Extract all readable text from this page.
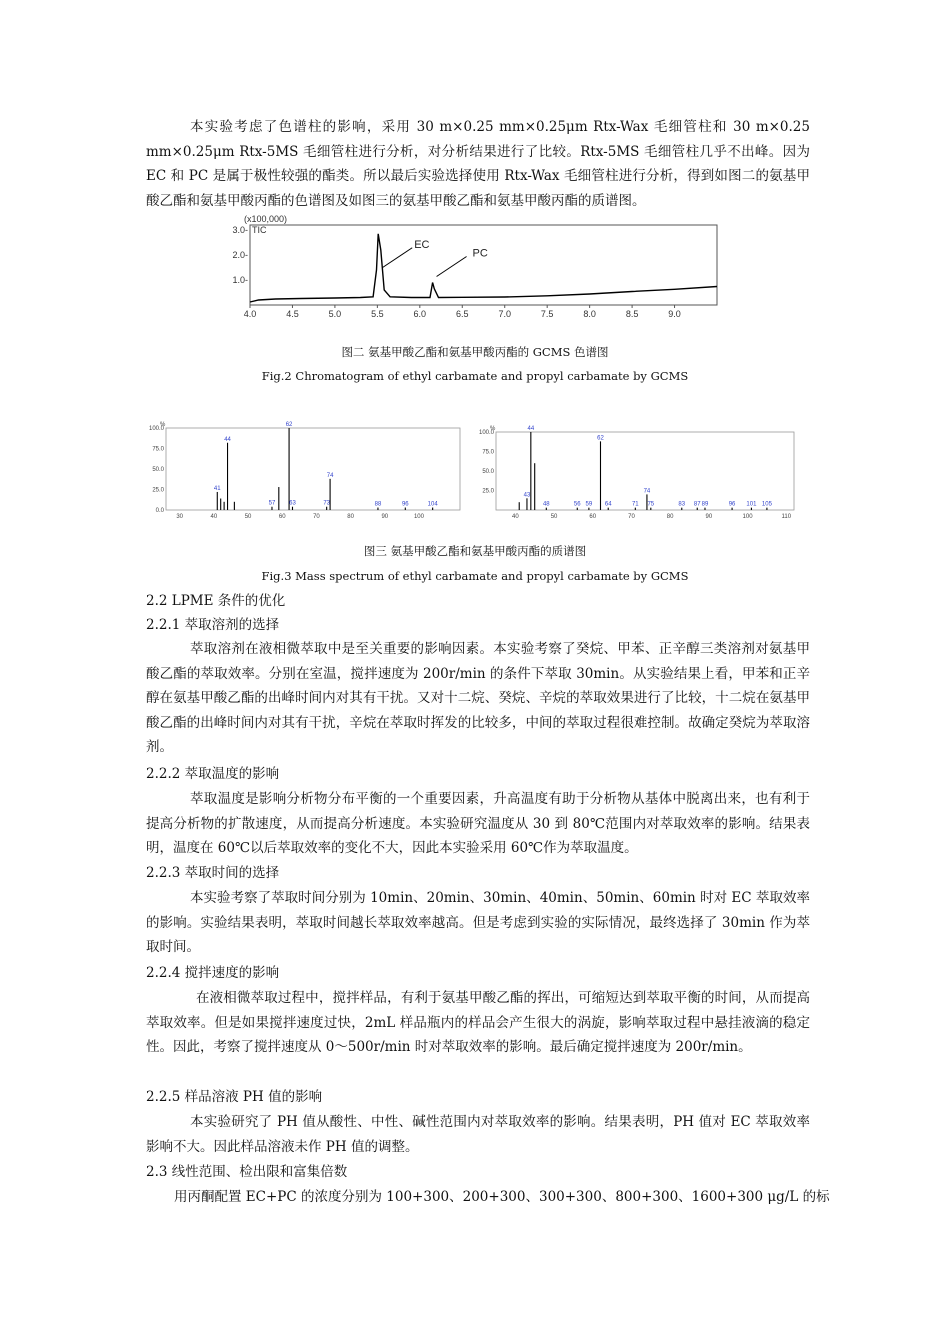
本实验考虑了色谱柱的影响，采用 30 m×0.25 mm×0.25μm Rtx-Wax 毛细管柱和 30 m×0.25 mm×0.25μm Rtx-5MS 毛细管柱进行分析，对分析结果进行了比较。Rtx-5MS 毛细管柱几乎不出峰。因为 EC 和 PC 是属于极性较强的酯类。所以最后实验选择使用 Rtx-Wax 毛细管柱进行分析，得到如图二的氨基甲酸乙酯和氨基甲酸丙酯的色谱图及如图三的氨基甲酸乙酯和氨基甲酸丙酯的质谱图。

(x100,000)
TIC
1.0-
2.0-
3.0-
4.0	4.5	5.0	5.5	6.0	6.5	7.0	7.5	8.0	8.5	9.0
EC
PC

图二 氨基甲酸乙酯和氨基甲酸丙酯的 GCMS 色谱图

Fig.2 Chromatogram of ethyl carbamate and propyl carbamate by GCMS

%
0.0
25.0
50.0
75.0
100.0
30	40	50	60	70	80	90	100
41
44
57
62
63	73
74
88	96	104
%
25.0
50.0
75.0
100.0
40	50	60	70	80	90	100	110
43
44
48	56 59
62
64	71
74
75	83 87 89	96 101 105

图三 氨基甲酸乙酯和氨基甲酸丙酯的质谱图

Fig.3 Mass spectrum of ethyl carbamate and propyl carbamate by GCMS

2.2 LPME 条件的优化

2.2.1 萃取溶剂的选择

萃取溶剂在液相微萃取中是至关重要的影响因素。本实验考察了癸烷、甲苯、正辛醇三类溶剂对氨基甲酸乙酯的萃取效率。分别在室温，搅拌速度为 200r/min 的条件下萃取 30min。从实验结果上看，甲苯和正辛醇在氨基甲酸乙酯的出峰时间内对其有干扰。又对十二烷、癸烷、辛烷的萃取效果进行了比较，十二烷在氨基甲酸乙酯的出峰时间内对其有干扰，辛烷在萃取时挥发的比较多，中间的萃取过程很难控制。故确定癸烷为萃取溶剂。

2.2.2 萃取温度的影响

萃取温度是影响分析物分布平衡的一个重要因素，升高温度有助于分析物从基体中脱离出来，也有利于提高分析物的扩散速度，从而提高分析速度。本实验研究温度从 30 到 80℃范围内对萃取效率的影响。结果表明，温度在 60℃以后萃取效率的变化不大，因此本实验采用 60℃作为萃取温度。

2.2.3 萃取时间的选择

本实验考察了萃取时间分别为 10min、20min、30min、40min、50min、60min 时对 EC 萃取效率的影响。实验结果表明，萃取时间越长萃取效率越高。但是考虑到实验的实际情况，最终选择了 30min 作为萃取时间。

2.2.4 搅拌速度的影响

在液相微萃取过程中，搅拌样品，有利于氨基甲酸乙酯的挥出，可缩短达到萃取平衡的时间，从而提高萃取效率。但是如果搅拌速度过快，2mL 样品瓶内的样品会产生很大的涡旋，影响萃取过程中悬挂液滴的稳定性。因此，考察了搅拌速度从 0～500r/min 时对萃取效率的影响。最后确定搅拌速度为 200r/min。

2.2.5 样品溶液 PH 值的影响

本实验研究了 PH 值从酸性、中性、碱性范围内对萃取效率的影响。结果表明，PH 值对 EC 萃取效率影响不大。因此样品溶液未作 PH 值的调整。

2.3 线性范围、检出限和富集倍数

用丙酮配置 EC+PC 的浓度分别为 100+300、200+300、300+300、800+300、1600+300 μg/L 的标
